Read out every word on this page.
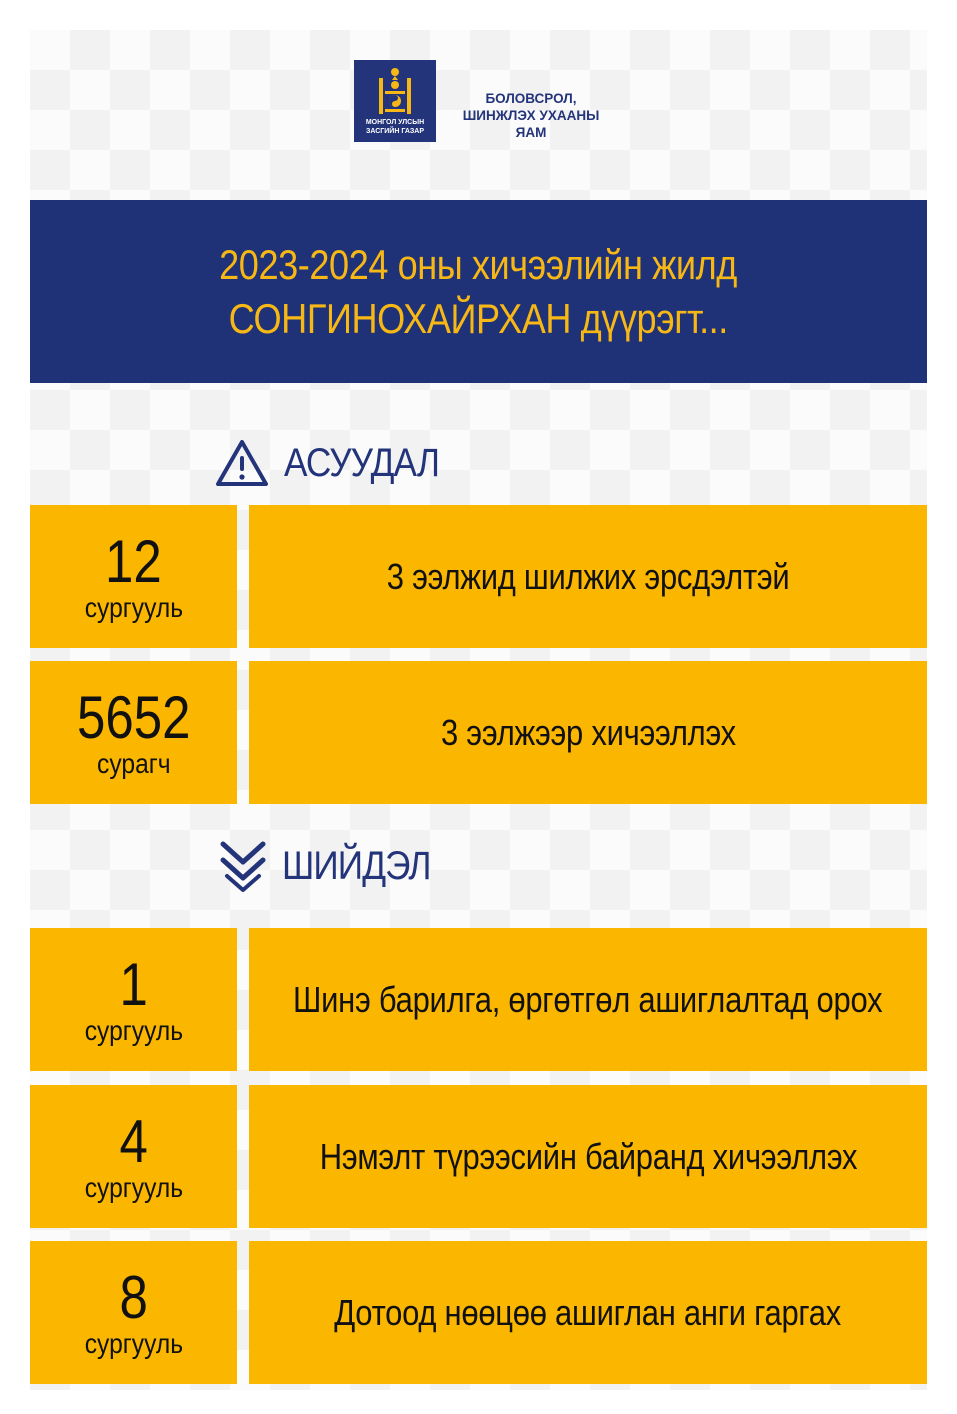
МОНГОЛ УЛСЫН
ЗАСГИЙН ГАЗАР
БОЛОВСРОЛ,
ШИНЖЛЭХ УХААНЫ
ЯАМ
2023-2024 оны хичээлийн жилд
СОНГИНОХАЙРХАН дүүрэгт...
АСУУДАЛ
12
сургууль
3 ээлжид шилжих эрсдэлтэй
5652
сурагч
3 ээлжээр хичээллэх
ШИЙДЭЛ
1
сургууль
Шинэ барилга, өргөтгөл ашиглалтад орох
4
сургууль
Нэмэлт түрээсийн байранд хичээллэх
8
сургууль
Дотоод нөөцөө ашиглан анги гаргах
